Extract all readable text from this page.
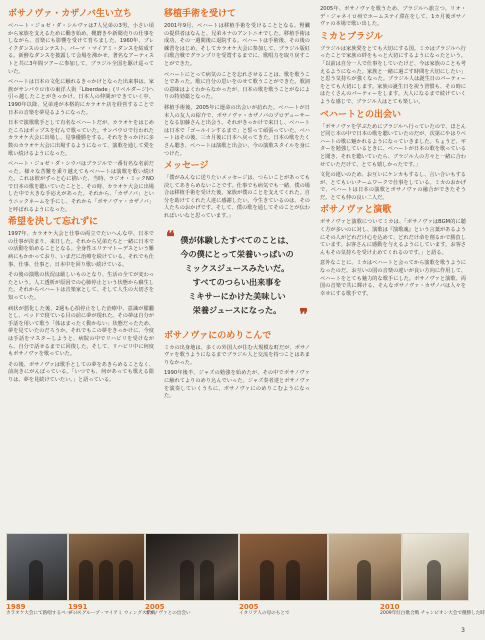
ボサノヴァ・カザノバ生い立ち

ベハート・ジョゼ・ダ・シルヴァは7人兄弟の3男。小さい頃から家族を支えるために働き始め、靴磨きや新聞売りの仕事をしながら、音楽にも影響を受けて育ちました。1960年、ブレイクダンスのコンテスト、パーマ ・マイアミ・ダンスを結成する。新鮮なダンスを披露して会場を沸かせ、著名なアーティストと共に3年間ツアーに参加して、ブラジル全国を駆け巡っていた。

ベハートは日本の文化に触れるきっかけとなった出来事は、家族がサンパウロ市の東洋人街「Liberdade」(リベルダージ)へ引っ越したことがきっかけ。日本人の仲間ができていく中、1990年以降、兄弟達が本格的にカラオケ店を経営することで日本の音楽を夢見るようになった。

日本で演歌歌手として有名なベハートだが、カラオケをはじめたころはポップスを好んで歌っていた。サンパウロで行われたカラオケ大会に出場し、見事優勝をする。それをきっかけに多数のカラオケ大会に出場するようになって、演歌を通して愛を歌い続けるようになった。

ベハート・ジョゼ・ダ・シウバはブラジルで一番有名な名前だった。様々な苦難を乗り越えてもベハートは演歌を歌い続けた。これは彼がずっと心に描いた、当時、ラジオ・ミックNOで日本の歌を聴いていたことと、その時、カラオケ大会に出場した中で大きな手応えがあった。それから、「カザノバ」というニックネームを手にし、それから「ボサノヴァ・カザノバ」と呼ばれるようになった。

希望を決して忘れずに

1997年、カラオケ大会と仕事の両立でたいへんな中、日本での仕事が決まり、来日した。それから兄弟たちと一緒に日本での活動を始めることとなる。全身性エリテマトーデスという難病にもかかっており、いまだに治療を続けている。それでも仕事、仕事、仕事と、日本中を回り歌い続けている。

その後の演歌の状況は厳しいものとなり、生活の全てが変わったという。人工透析が原因での心肺停止という状態から蘇生した。それからベハートは音楽家として、そして人生の大切さを知っていた。

病状が悪化した後、2週も心拍停止をした治療中、意識が朦朧とし、ベッドで寝ている目の前に夢が現れた。その夢は自分が手話を用いて歌う「体はまったく動かない」状態だったため、夢を見ていたのだろうか。それでもこの夢をきっかけに、今度は手話をマスターしようと、病院の中でリハビリを受けながら、自分で話せるまでに回復した。そして、リハビリ中に何度もボサノヴァを歌っていた。

その後、ボサノヴァは歌手としての夢をあきらめることなく、前向きにがんばっている。「いつでも、何があっても歌える限りは、夢を見続けていたい。」と語っている。

移植手術を受けて

2001年9月、ベハートは移植手術を受けることとなる。腎臓の提供者はなんと、兄弟ネナのアントニオでした。移植手術は成功、その一週間後に退院する。ベハートは手術後、その後の練習をはじめ、そしてカラオケ大会に参加して、ブラジル版紅白歌合戦でグランプリを受賞するまでに、歌唱力を取り戻すことができた。

ベハートにとって病気のことを忘れさせることは、歌を歌うことであった。歌に自分の思いをのせて歌うことができた。歌詞の意味はよくわからなかったが、日本の歌を歌うことがなによりの特効薬となった。

移植手術後、2005年に運命の出会いが訪れた。ベハートが日本人の友人の紹介で、ボサノヴァ・カザノバのプロデューサーとなる加藤さんと出会う。それがきっかけで来日し、ベハートは日本で「ゴールインするまで」と誓って頑張っていた。ベハートはその後、三カ月後に日本へ戻ってきた。日本の歌をたくさん聴き、ベハートは演歌と出会い、今の演歌スタイルを身につけた。

メッセージ

「僕がみんなに送りたいメッセージは、つらいことがあっても決してあきらめないことです。仕事でも病気でも一緒、僕の場合は移植手術を受けた後、家族が僕のことを支えてくれた。自分を助けてくれた人達に感謝したい。今生きているのは、その人たちのおかげです。そして、僕の歌を通してそのことが伝わればいいなと思っています。」

❝ 僕が体験したすべてのことは、
今の僕にとって栄養いっぱいの
ミックスジュースみたいだ。
すべてのつらい出来事を
ミキサーにかけた美味しい
栄養ジュースになった。	❞
ボサノヴァにのめりこんで

ミカの出身地は、多くの外国人が住む大規模な町だが、ボサノヴァを歌うようになるまでブラジル人と交流を持つことはあまりなかった。

1990年後半、ジャズの勉強を始めたが、その中でボサノヴァに触れてよりのめり込んでいった。ジャズ奏者達とボサノヴァを演奏していくうちに、ボサノヴァにのめりこむようになった。

2005年、ボサノヴァを歌うため、ブラジルへ旅立つ。リオ・デ・ジャネイロ州でホームステイ滞在をして、1カ月後ボサノヴァの本場で歌い出した。

ミカとブラジル

ブラジルは家族愛をとても大切にする国。ミカはブラジルへ行ったことで家族の絆をもっと大切にするようになったという。「以前は自分一人で仕事をしていたけど、今は家族のことも考えるようになった。家族と一緒に過ごす時間を大切にしたい」と思う気持ちが強くなった。ブラジル人は誕生日のパーティーをとても大切にします。家族の誕生日を祝う習慣も、その時にはたくさんのパーティーをします。大人になるまで続けていくような感じで、ブラジル人はとても楽しい。

ベハートとの出会い

「ボサノヴァを学ぶためにブラジルへ行っていたので、ほとんど同じ本の中で日本の歌を聴いていたのだが、次第にやはりベハートの歌に魅かれるようになっていきました。ちょうど、ギターを勉強しているときに、ベハートが日本の歌を歌っていると聞き、それを聴いていたら、ブラジル人の方々と一緒に合わせていただけて、とても嬉しかったです。」

文化の違いのため、お互いにケンカもするし、言い合いもするが、とてもいいチームワークで仕事をしている。ミカのおかげで、ベハートは日本の演歌とボサノヴァの融合ができたそうだ。とても仲の良い二人だ。

ボサノヴァと演歌

ボサノヴァと演歌についてミカは、「ボサノヴァはBGM的に聴く方が多いのに対し、演歌は『演歌魂』という言葉があるようにその人がどれだけ心を込めて、どれだけ命を削るかで勝負しています。お客さんに感動を与えるようにしています。お客さんもその気持ちを受け止めてくれるのです。」と語る。

意外なことに、ミカはベハートと会ってから演歌を歌うようになったのだ。お互いの国の音楽の違いが良い方向に作用して、ベハートをとても魅力的な歌手にした。ボサノヴァと演歌、両国の音楽で共に輝ける、そんなボサノヴァ・カザノバは人々を幸せにする歌手です。

1989
カラオケ大会にて熱唱するベハート
1991
ダンスグループ・マイアミ ウィングス結成
2005
ボサノヴァとの出会い
2005
イタリア人の母のもとで
2010
2009年紅白歌合戦 チャンピオン大会で優勝した時
3
